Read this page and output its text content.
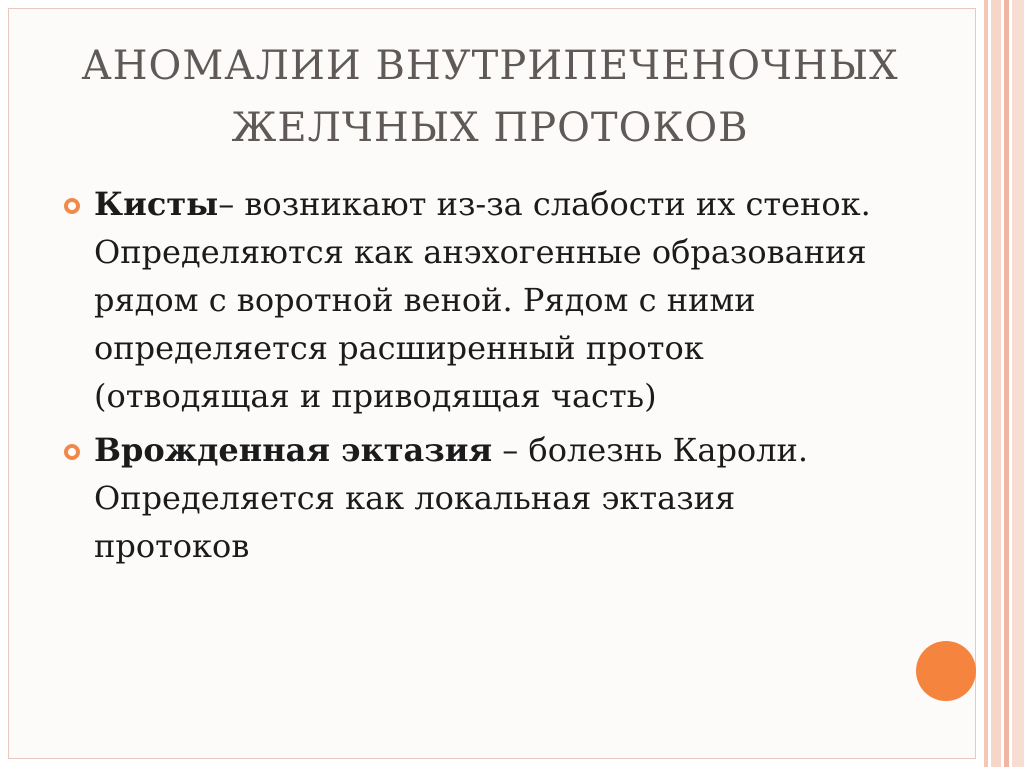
АНОМАЛИИ ВНУТРИПЕЧЕНОЧНЫХ
ЖЕЛЧНЫХ ПРОТОКОВ
Кисты– возникают из-за слабости их стенок.
Определяются как анэхогенные образования
рядом с воротной веной. Рядом с ними
определяется расширенный проток
(отводящая и приводящая часть)
Врожденная эктазия – болезнь Кароли.
Определяется как локальная эктазия
протоков
